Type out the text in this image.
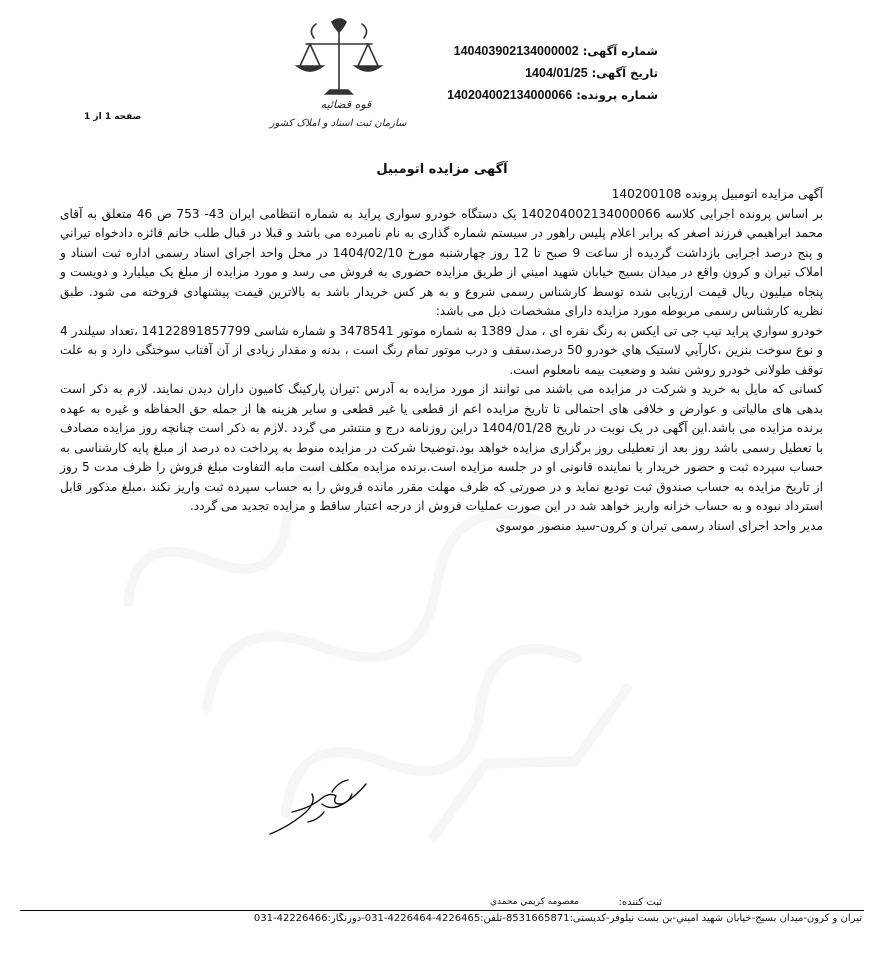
قوه قضائیه
سازمان ثبت اسناد و املاک کشور
شماره آگهی: 140403902134000002
تاریخ آگهی: 1404/01/25
شماره پرونده: 140204002134000066
صفحه 1 از 1
آگهی مزایده اتومبیل

آگهی مزایده اتومبیل پرونده 140200108

بر اساس پرونده اجرایی کلاسه 140204002134000066 یک دستگاه خودرو سواری پراید به شماره انتظامی ایران 43- 753 ص 46 متعلق به آقای محمد ابراهیمي فرزند اصغر که برابر اعلام پلیس راهور در سیستم شماره گذاری به نام نامبرده می باشد و قبلا در قبال طلب خانم فائزه دادخواه تیراني و پنج درصد اجرایی بازداشت گردیده از ساعت 9 صبح تا 12 روز چهارشنبه مورخ 1404/02/10 در محل واحد اجرای اسناد رسمی اداره ثبت اسناد و املاک تیران و کرون واقع در میدان بسیج خیابان شهید امیني از طریق مزایده حضوری به فروش می رسد و مورد مزایده از مبلغ یک میلیارد و دویست و پنجاه میلیون ریال قیمت ارزیابی شده توسط کارشناس رسمی شروع و به هر کس خریدار باشد به بالاترین قیمت پیشنهادی فروخته می شود. طبق نظریه کارشناس رسمی مربوطه مورد مزایده دارای مشخصات ذیل می باشد:

خودرو سواري پراید تیپ جی تی ایکس به رنگ نقره ای ، مدل 1389 به شماره موتور 3478541 و شماره شاسی 14122891857799 ،تعداد سیلندر 4 و نوع سوخت بنزين ،كارآيي لاستیک هاي خودرو 50 درصد،سقف و درب موتور تمام رنگ است ، بدنه و مقدار زیادی از آن آفتاب سوختگی دارد و به علت توقف طولانی خودرو روشن نشد و وضعیت بیمه نامعلوم است.

کسانی که مایل به خرید و شرکت در مزایده می باشند می توانند از مورد مزایده به آدرس :تیران پارکینگ کامیون داران دیدن نمایند. لازم به ذکر است بدهی های مالیاتی و عوارض و خلافی های احتمالی تا تاریخ مزایده اعم از قطعی یا غیر قطعی و سایر هزینه ها از جمله حق الحفاظه و غیره به عهده برنده مزایده می باشد.این آگهی در یک نوبت در تاریخ 1404/01/28 دراین روزنامه درج و منتشر می گردد .لازم به ذکر است چنانچه روز مزایده مصادف با تعطیل رسمی باشد روز بعد از تعطیلی روز برگزاری مزایده خواهد بود.توضیحا شرکت در مزایده منوط به پرداخت ده درصد از مبلغ پایه کارشناسی به حساب سپرده ثبت و حضور خریدار یا نماینده قانونی او در جلسه مزایده است.برنده مزایده مکلف است مابه التفاوت مبلغ فروش را ظرف مدت 5 روز از تاریخ مزایده به حساب صندوق ثبت تودیع نماید و در صورتی که ظرف مهلت مقرر مانده فروش را به حساب سپرده ثبت واریز نکند ،مبلغ مذکور قابل استرداد نبوده و به حساب خزانه واریز خواهد شد در این صورت عملیات فروش از درجه اعتبار ساقط و مزایده تجدید می گردد.

مدیر واحد اجرای اسناد رسمی تیران و کرون-سید منصور موسوی

ثبت کننده:
معصومه کريمي محمدي
تیران و کرون-میدان بسیج-خیابان شهید امیني-بن بست نیلوفر-کدپستی:8531665871-تلفن:4226465-4226464-031-دورنگار:42226466-031
